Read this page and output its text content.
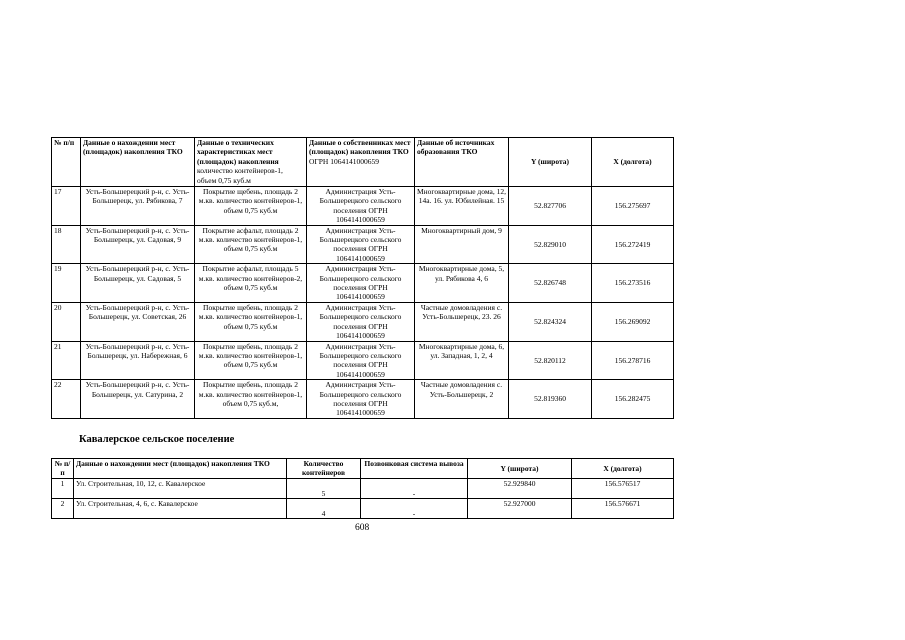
№ п/п	Данные о нахождении мест (площадок) накопления ТКО	Данные о технических характеристиках мест (площадок) накопления
количество контейнеров-1, объем 0,75 куб.м	Данные о собственниках мест (площадок) накопления ТКО
ОГРН 1064141000659	Данные об источниках образования ТКО	Y (широта)	X (долгота)
17	Усть-Большерецкий р-н, с. Усть-Большерецк, ул. Рябикова, 7	Покрытие щебень, площадь 2 м.кв. количество контейнеров-1, объем 0,75 куб.м	Администрация Усть-Большерецкого сельского поселения ОГРН 1064141000659	Многоквартирные дома, 12, 14а. 16. ул. Юбилейная. 15	52.827706	156.275697
18	Усть-Большерецкий р-н, с. Усть-Большерецк, ул. Садовая, 9	Покрытие асфальт, площадь 2 м.кв. количество контейнеров-1, объем 0,75 куб.м	Администрация Усть-Большерецкого сельского поселения ОГРН 1064141000659	Многоквартирный дом, 9	52.829010	156.272419
19	Усть-Большерецкий р-н, с. Усть-Большерецк, ул. Садовая, 5	Покрытие асфальт, площадь 5 м.кв. количество контейнеров-2, объем 0,75 куб.м	Администрация Усть-Большерецкого сельского поселения ОГРН 1064141000659	Многоквартирные дома, 5, ул. Рябикова 4, 6	52.826748	156.273516
20	Усть-Большерецкий р-н, с. Усть-Большерецк, ул. Советская, 26	Покрытие щебень, площадь 2 м.кв. количество контейнеров-1, объем 0,75 куб.м	Администрация Усть-Большерецкого сельского поселения ОГРН 1064141000659	Частные домовладения с. Усть-Большерецк, 23. 26	52.824324	156.269092
21	Усть-Большерецкий р-н, с. Усть-Большерецк, ул. Набережная, 6	Покрытие щебень, площадь 2 м.кв. количество контейнеров-1, объем 0,75 куб.м	Администрация Усть-Большерецкого сельского поселения ОГРН 1064141000659	Многоквартирные дома, 6, ул. Западная, 1, 2, 4	52.820112	156.278716
22	Усть-Большерецкий р-н, с. Усть-Большерецк, ул. Сатурина, 2	Покрытие щебень, площадь 2 м.кв. количество контейнеров-1, объем 0,75 куб.м,	Администрация Усть-Большерецкого сельского поселения ОГРН 1064141000659	Частные домовладения с. Усть-Большерецк, 2	52.819360	156.282475
Кавалерское сельское поселение
№ п/п	Данные о нахождении мест (площадок) накопления ТКО	Количество контейнеров	Позвонковая система вывоза	Y (широта)	X (долгота)
1	Ул. Строительная, 10, 12, с. Кавалерское	5	-	52.929840	156.576517
2	Ул. Строительная, 4, 6, с. Кавалерское	4	-	52.927000	156.576671
608
